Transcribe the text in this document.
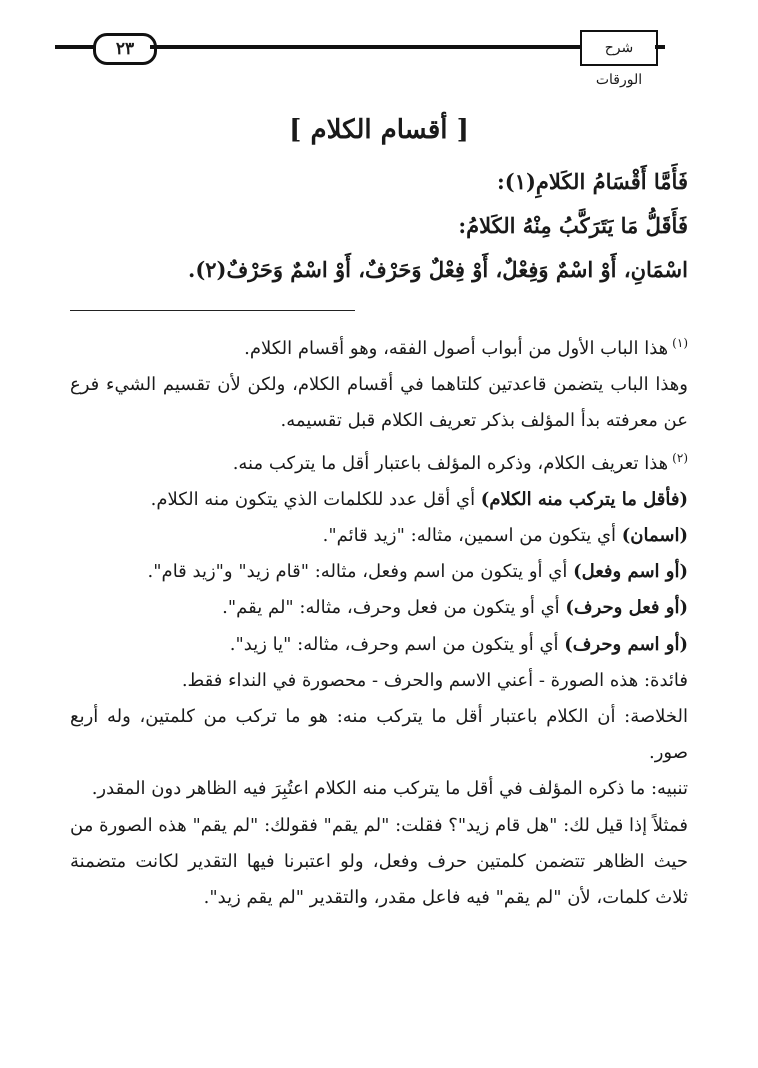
٢٣	شرح الورقات
[ أقسام الكلام ]

فَأَمَّا أَقْسَامُ الكَلامِ(١):

فَأَقَلُّ مَا يَتَرَكَّبُ مِنْهُ الكَلامُ:

اسْمَانِ، أَوْ اسْمٌ وَفِعْلٌ، أَوْ فِعْلٌ وَحَرْفٌ، أَوْ اسْمٌ وَحَرْفٌ(٢).

$^{(١)}$هذا الباب الأول من أبواب أصول الفقه، وهو أقسام الكلام.

وهذا الباب يتضمن قاعدتين كلتاهما في أقسام الكلام، ولكن لأن تقسيم الشيء فرع عن معرفته بدأ المؤلف بذكر تعريف الكلام قبل تقسيمه.

$^{(٢)}$هذا تعريف الكلام، وذكره المؤلف باعتبار أقل ما يتركب منه.

(فأقل ما يتركب منه الكلام) أي أقل عدد للكلمات الذي يتكون منه الكلام.

(اسمان) أي يتكون من اسمين، مثاله: "زيد قائم".

(أو اسم وفعل) أي أو يتكون من اسم وفعل، مثاله: "قام زيد" و"زيد قام".

(أو فعل وحرف) أي أو يتكون من فعل وحرف، مثاله: "لم يقم".

(أو اسم وحرف) أي أو يتكون من اسم وحرف، مثاله: "يا زيد".

فائدة: هذه الصورة - أعني الاسم والحرف - محصورة في النداء فقط.

الخلاصة: أن الكلام باعتبار أقل ما يتركب منه: هو ما تركب من كلمتين، وله أربع صور.

تنبيه: ما ذكره المؤلف في أقل ما يتركب منه الكلام اعتُبِرَ فيه الظاهر دون المقدر.

فمثلاً إذا قيل لك: "هل قام زيد"؟ فقلت: "لم يقم" فقولك: "لم يقم" هذه الصورة من حيث الظاهر تتضمن كلمتين حرف وفعل، ولو اعتبرنا فيها التقدير لكانت متضمنة ثلاث كلمات، لأن "لم يقم" فيه فاعل مقدر، والتقدير "لم يقم زيد".
